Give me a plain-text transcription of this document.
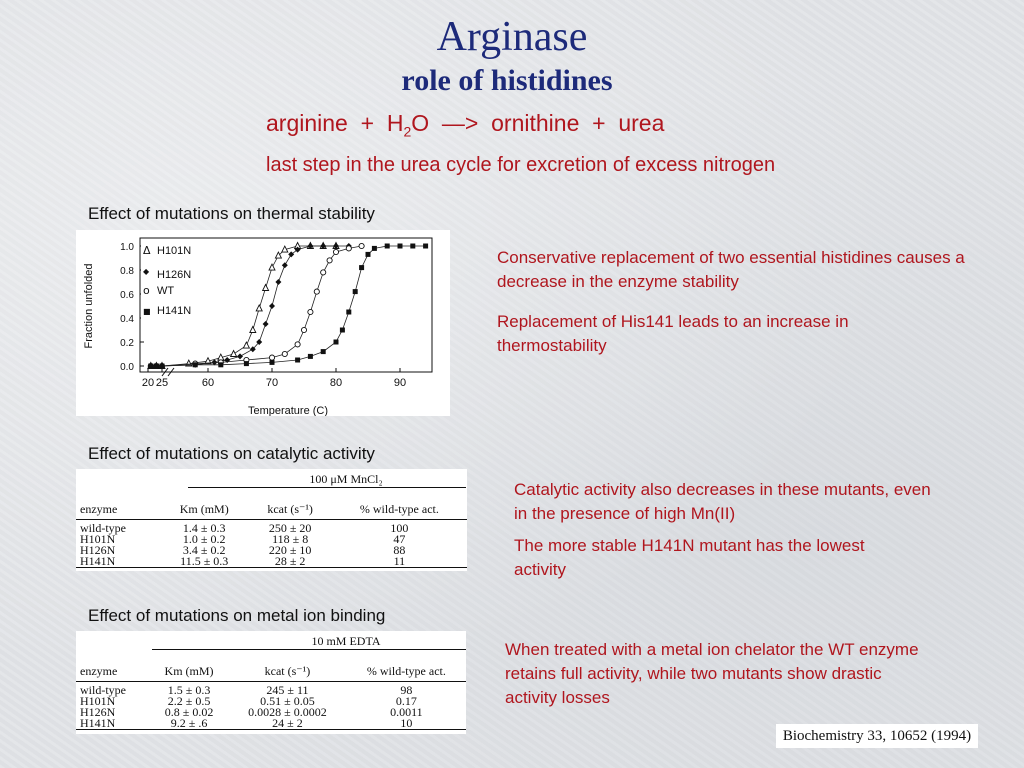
Arginase
role of histidines
arginine  +  $H_2O$  —>  ornithine  +  urea
last step in the urea cycle for excretion of excess nitrogen
Effect of mutations on thermal stability
20 25	60	70	80	90
0.0
0.2
0.4
0.6
0.8
1.0
Fraction unfolded
Temperature (C)
Δ H101N
◆ H126N
ο WT
■ H141N
Conservative replacement of two essential histidines causes a decrease in the enzyme stability
Replacement of His141 leads to an increase in thermostability
Effect of mutations on catalytic activity
100 μM MnCl₂
enzyme	Km (mM)	kcat (s⁻¹)	% wild-type act.
wild-type	1.4 ± 0.3	250 ± 20	100
H101N	1.0 ± 0.2	118 ± 8	47
H126N	3.4 ± 0.2	220 ± 10	88
H141N	11.5 ± 0.3	28 ± 2	11
Catalytic activity also decreases in these mutants, even in the presence of high Mn(II)
The more stable H141N mutant has the lowest activity
Effect of mutations on metal ion binding
10 mM EDTA
enzyme	Km (mM)	kcat (s⁻¹)	% wild-type act.
wild-type	1.5 ± 0.3	245 ± 11	98
H101N	2.2 ± 0.5	0.51 ± 0.05	0.17
H126N	0.8 ± 0.02	0.0028 ± 0.0002	0.0011
H141N	9.2 ± .6	24 ± 2	10
When treated with a metal ion chelator the WT enzyme retains full activity, while two mutants show drastic activity losses
Biochemistry 33, 10652 (1994)
